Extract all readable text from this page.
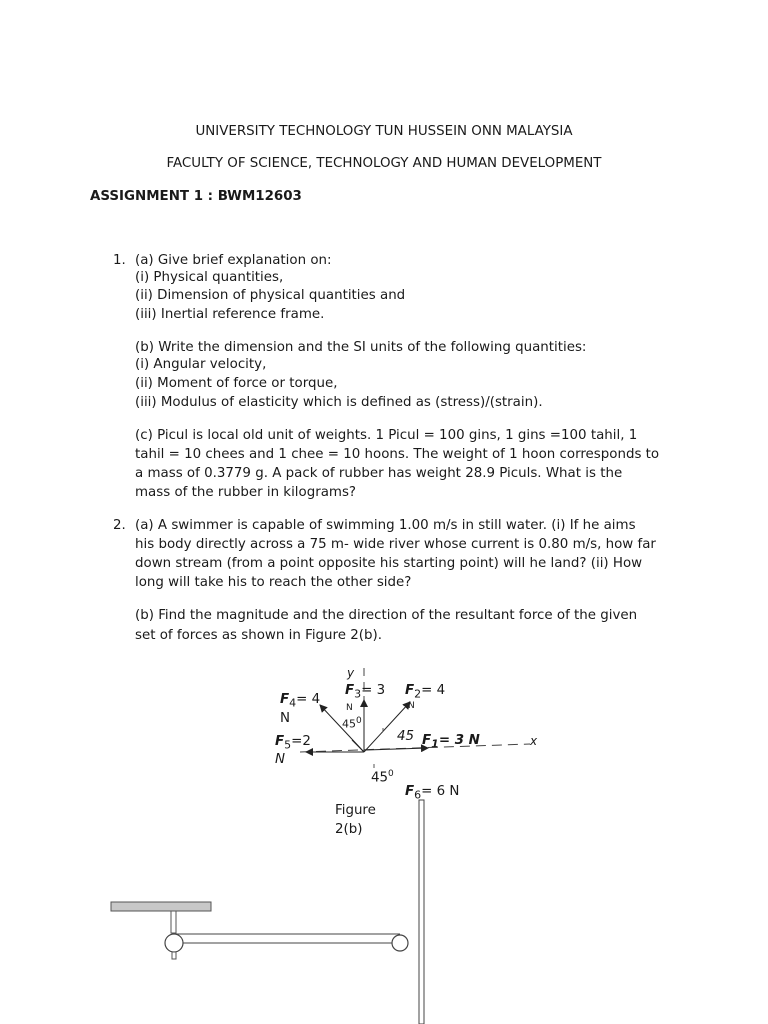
UNIVERSITY TECHNOLOGY TUN HUSSEIN ONN MALAYSIA
FACULTY OF SCIENCE, TECHNOLOGY AND HUMAN DEVELOPMENT
ASSIGNMENT 1 : BWM12603
1. (a) Give brief explanation on:
(i) Physical quantities,
(ii) Dimension of physical quantities and
(iii) Inertial reference frame.
(b) Write the dimension and the SI units of the following quantities:
(i) Angular velocity,
(ii) Moment of force or torque,
(iii) Modulus of elasticity which is defined as (stress)/(strain).
(c) Picul is local old unit of weights. 1 Picul = 100 gins, 1 gins =100 tahil, 1
tahil = 10 chees and 1 chee = 10 hoons. The weight of 1 hoon corresponds to
a mass of 0.3779 g. A pack of rubber has weight 28.9 Piculs. What is the
mass of the rubber in kilograms?
2. (a) A swimmer is capable of swimming 1.00 m/s in still water. (i) If he aims
his body directly across a 75 m- wide river whose current is 0.80 m/s, how far
down stream (from a point opposite his starting point) will he land? (ii) How
long will take his to reach the other side?
(b) Find the magnitude and the direction of the resultant force of the given
set of forces as shown in Figure 2(b).
y
x
$F_3= 3$
N
$F_2= 4$
N
$F_4= 4$
N	$45^0$
45 $F_1= 3$ N
$F_5=2$
N
$45^0$
$F_6= 6$ N
Figure
2(b)
